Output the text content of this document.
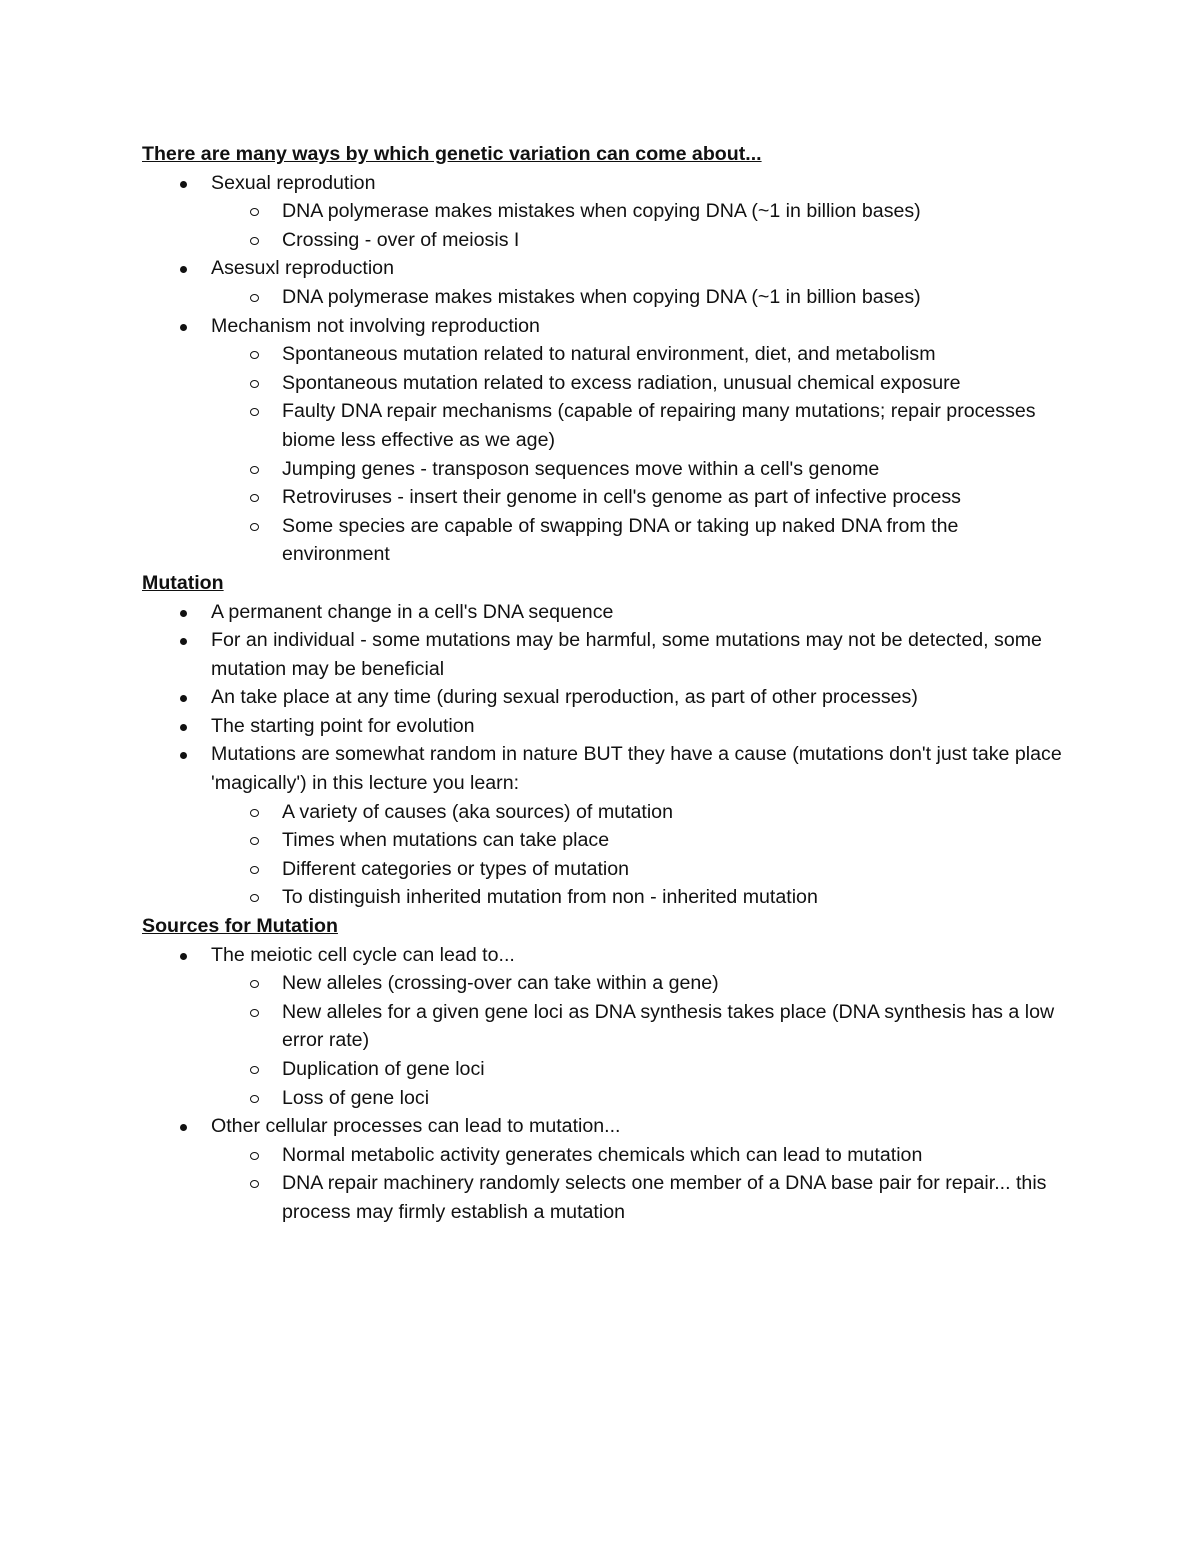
There are many ways by which genetic variation can come about...

Sexual reprodution
DNA polymerase makes mistakes when copying DNA (~1 in billion bases)
Crossing - over of meiosis I
Asesuxl reproduction
DNA polymerase makes mistakes when copying DNA (~1 in billion bases)
Mechanism not involving reproduction
Spontaneous mutation related to natural environment, diet, and metabolism
Spontaneous mutation related to excess radiation, unusual chemical exposure
Faulty DNA repair mechanisms (capable of repairing many mutations; repair processes biome less effective as we age)
Jumping genes - transposon sequences move within a cell's genome
Retroviruses - insert their genome in cell's genome as part of infective process
Some species are capable of swapping DNA or taking up naked DNA from the environment

Mutation

A permanent change in a cell's DNA sequence
For an individual - some mutations may be harmful, some mutations may not be detected, some mutation may be beneficial
An take place at any time (during sexual rperoduction, as part of other processes)
The starting point for evolution
Mutations are somewhat random in nature BUT they have a cause (mutations don't just take place 'magically') in this lecture you learn:
A variety of causes (aka sources) of mutation
Times when mutations can take place
Different categories or types of mutation
To distinguish inherited mutation from non - inherited mutation

Sources for Mutation

The meiotic cell cycle can lead to...
New alleles (crossing-over can take within a gene)
New alleles for a given gene loci as DNA synthesis takes place (DNA synthesis has a low error rate)
Duplication of gene loci
Loss of gene loci
Other cellular processes can lead to mutation...
Normal metabolic activity generates chemicals which can lead to mutation
DNA repair machinery randomly selects one member of a DNA base pair for repair... this process may firmly establish a mutation
